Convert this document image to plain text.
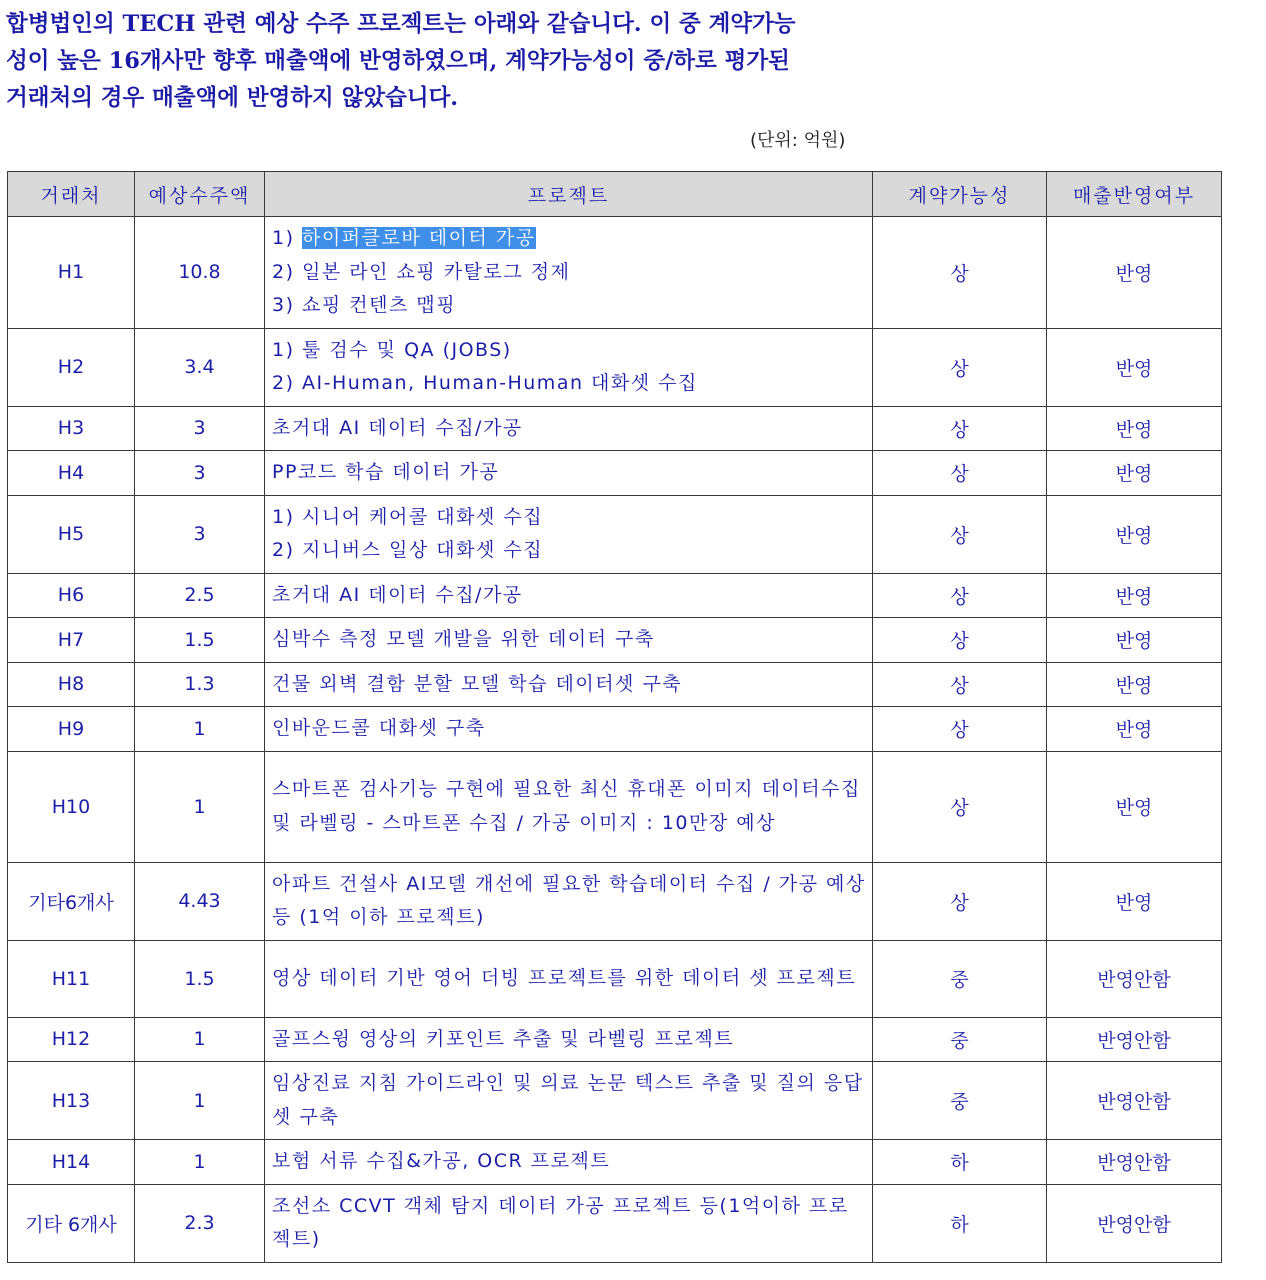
합병법인의 TECH 관련 예상 수주 프로젝트는 아래와 같습니다. 이 중 계약가능
성이 높은 16개사만 향후 매출액에 반영하였으며, 계약가능성이 중/하로 평가된
거래처의 경우 매출액에 반영하지 않았습니다.
(단위: 억원)
거래처	예상수주액	프로젝트	계약가능성	매출반영여부
H1	10.8	1) 하이퍼클로바 데이터 가공
2) 일본 라인 쇼핑 카탈로그 정제
3) 쇼핑 컨텐츠 맵핑	상	반영
H2	3.4	1) 툴 검수 및 QA (JOBS)
2) AI-Human, Human-Human 대화셋 수집	상	반영
H3	3	초거대 AI 데이터 수집/가공	상	반영
H4	3	PP코드 학습 데이터 가공	상	반영
H5	3	1) 시니어 케어콜 대화셋 수집
2) 지니버스 일상 대화셋 수집	상	반영
H6	2.5	초거대 AI 데이터 수집/가공	상	반영
H7	1.5	심박수 측정 모델 개발을 위한 데이터 구축	상	반영
H8	1.3	건물 외벽 결함 분할 모델 학습 데이터셋 구축	상	반영
H9	1	인바운드콜 대화셋 구축	상	반영
H10	1	스마트폰 검사기능 구현에 필요한 최신 휴대폰 이미지 데이터수집 및 라벨링 - 스마트폰 수집 / 가공 이미지 : 10만장 예상	상	반영
기타6개사	4.43	아파트 건설사 AI모델 개선에 필요한 학습데이터 수집 / 가공 예상 등 (1억 이하 프로젝트)	상	반영
H11	1.5	영상 데이터 기반 영어 더빙 프로젝트를 위한 데이터 셋 프로젝트	중	반영안함
H12	1	골프스윙 영상의 키포인트 추출 및 라벨링 프로젝트	중	반영안함
H13	1	임상진료 지침 가이드라인 및 의료 논문 텍스트 추출 및 질의 응답셋 구축	중	반영안함
H14	1	보험 서류 수집&가공, OCR 프로젝트	하	반영안함
기타 6개사	2.3	조선소 CCVT 객체 탐지 데이터 가공 프로젝트 등(1억이하 프로젝트)	하	반영안함
